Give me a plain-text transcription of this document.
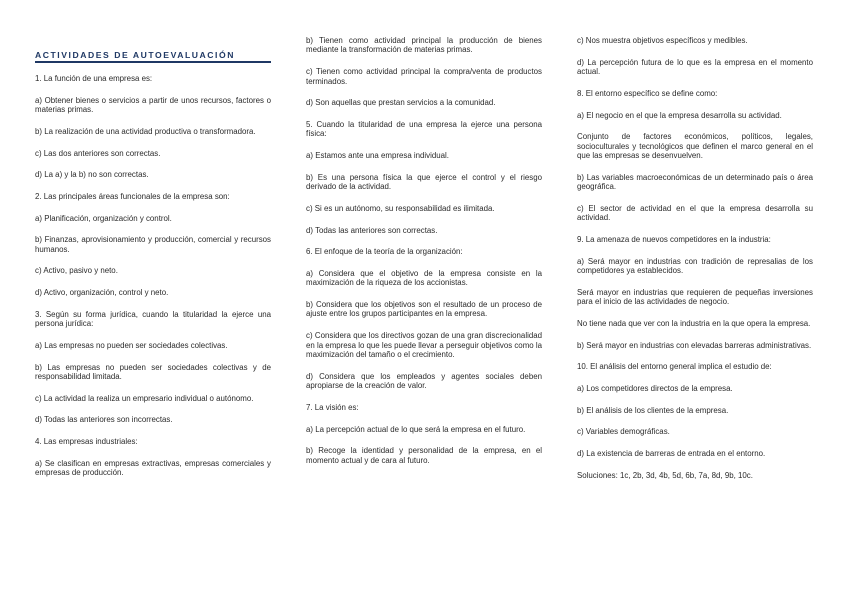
ACTIVIDADES DE AUTOEVALUACIÓN

1. La función de una empresa es:

a) Obtener bienes o servicios a partir de unos recursos, factores o materias primas.

b) La realización de una actividad productiva o transformadora.

c) Las dos anteriores son correctas.

d) La a) y la b) no son correctas.

2. Las principales áreas funcionales de la empresa son:

a) Planificación, organización y control.

b) Finanzas, aprovisionamiento y producción, comercial y recursos humanos.

c) Activo, pasivo y neto.

d) Activo, organización, control y neto.

3. Según su forma jurídica, cuando la titularidad la ejerce una persona jurídica:

a) Las empresas no pueden ser sociedades colectivas.

b) Las empresas no pueden ser sociedades colectivas y de responsabilidad limitada.

c) La actividad la realiza un empresario individual o autónomo.

d) Todas las anteriores son incorrectas.

4. Las empresas industriales:

a) Se clasifican en empresas extractivas, empresas comerciales y empresas de producción.

b) Tienen como actividad principal la producción de bienes mediante la transformación de materias primas.

c) Tienen como actividad principal la compra/venta de productos terminados.

d) Son aquellas que prestan servicios a la comunidad.

5. Cuando la titularidad de una empresa la ejerce una persona física:

a) Estamos ante una empresa individual.

b) Es una persona física la que ejerce el control y el riesgo derivado de la actividad.

c) Si es un autónomo, su responsabilidad es ilimitada.

d) Todas las anteriores son correctas.

6. El enfoque de la teoría de la organización:

a) Considera que el objetivo de la empresa consiste en la maximización de la riqueza de los accionistas.

b) Considera que los objetivos son el resultado de un proceso de ajuste entre los grupos participantes en la empresa.

c) Considera que los directivos gozan de una gran discrecionalidad en la empresa lo que les puede llevar a perseguir objetivos como la maximización del tamaño o el crecimiento.

d) Considera que los empleados y agentes sociales deben apropiarse de la creación de valor.

7. La visión es:

a) La percepción actual de lo que será la empresa en el futuro.

b) Recoge la identidad y personalidad de la empresa, en el momento actual y de cara al futuro.

c) Nos muestra objetivos específicos y medibles.

d) La percepción futura de lo que es la empresa en el momento actual.

8. El entorno específico se define como:

a) El negocio en el que la empresa desarrolla su actividad.

Conjunto de factores económicos, políticos, legales, socioculturales y tecnológicos que definen el marco general en el que las empresas se desenvuelven.

b) Las variables macroeconómicas de un determinado país o área geográfica.

c) El sector de actividad en el que la empresa desarrolla su actividad.

9. La amenaza de nuevos competidores en la industria:

a) Será mayor en industrias con tradición de represalias de los competidores ya establecidos.

Será mayor en industrias que requieren de pequeñas inversiones para el inicio de las actividades de negocio.

No tiene nada que ver con la industria en la que opera la empresa.

b) Será mayor en industrias con elevadas barreras administrativas.

10. El análisis del entorno general implica el estudio de:

a) Los competidores directos de la empresa.

b) El análisis de los clientes de la empresa.

c) Variables demográficas.

d) La existencia de barreras de entrada en el entorno.

Soluciones: 1c, 2b, 3d, 4b, 5d, 6b, 7a, 8d, 9b, 10c.
